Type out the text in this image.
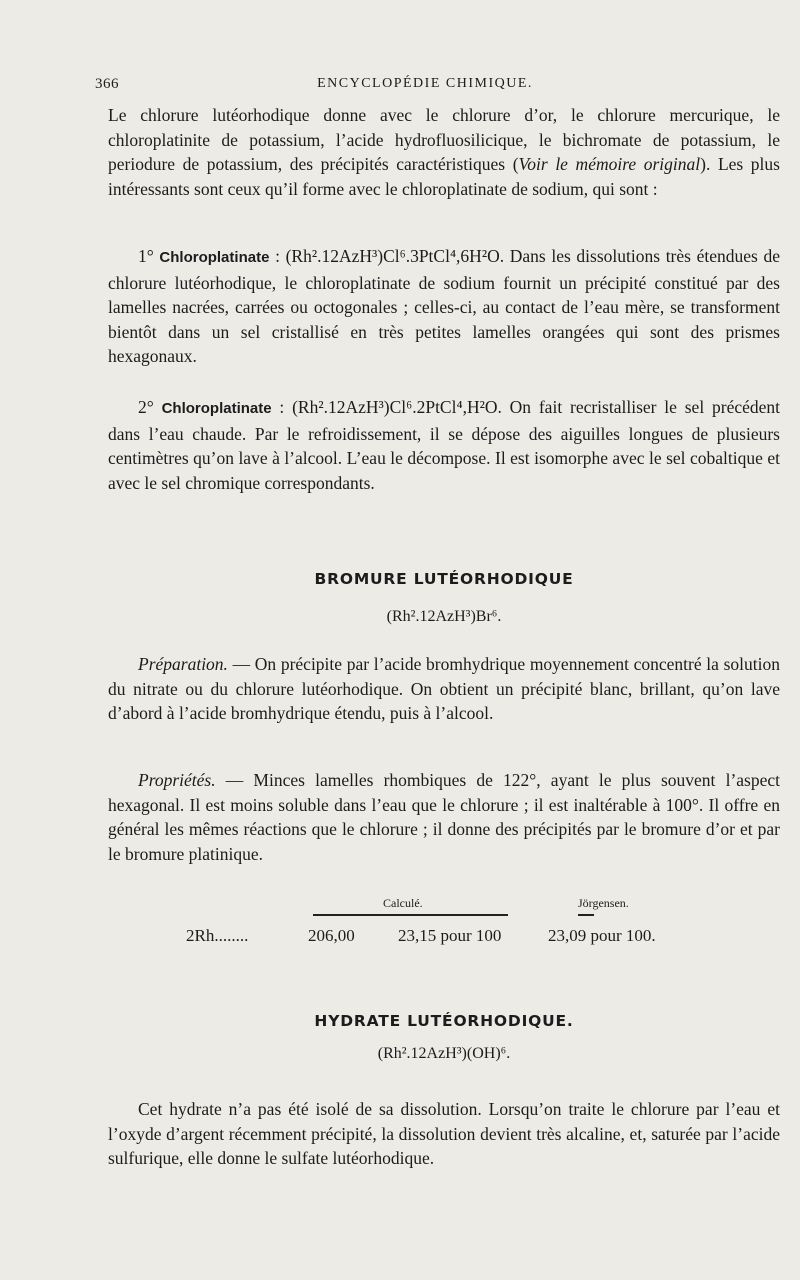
366	ENCYCLOPÉDIE CHIMIQUE.
Le chlorure lutéorhodique donne avec le chlorure d’or, le chlorure mercurique, le chloroplatinite de potassium, l’acide hydrofluosilicique, le bichromate de potassium, le periodure de potassium, des précipités caractéristiques (Voir le mémoire original). Les plus intéressants sont ceux qu’il forme avec le chloroplatinate de sodium, qui sont :
1° Chloroplatinate : (Rh².12AzH³)Cl⁶.3PtCl⁴,6H²O. Dans les dissolutions très étendues de chlorure lutéorhodique, le chloroplatinate de sodium fournit un précipité constitué par des lamelles nacrées, carrées ou octogonales ; celles-ci, au contact de l’eau mère, se transforment bientôt dans un sel cristallisé en très petites lamelles orangées qui sont des prismes hexagonaux.
2° Chloroplatinate : (Rh².12AzH³)Cl⁶.2PtCl⁴,H²O. On fait recristalliser le sel précédent dans l’eau chaude. Par le refroidissement, il se dépose des aiguilles longues de plusieurs centimètres qu’on lave à l’alcool. L’eau le décompose. Il est isomorphe avec le sel cobaltique et avec le sel chromique correspondants.
BROMURE LUTÉORHODIQUE
(Rh².12AzH³)Br⁶.
Préparation. — On précipite par l’acide bromhydrique moyennement concentré la solution du nitrate ou du chlorure lutéorhodique. On obtient un précipité blanc, brillant, qu’on lave d’abord à l’acide bromhydrique étendu, puis à l’alcool.
Propriétés. — Minces lamelles rhombiques de 122°, ayant le plus souvent l’aspect hexagonal. Il est moins soluble dans l’eau que le chlorure ; il est inaltérable à 100°. Il offre en général les mêmes réactions que le chlorure ; il donne des précipités par le bromure d’or et par le bromure platinique.
Calculé.	Jörgensen.
2Rh........	206,00	23,15 pour 100	23,09 pour 100.
HYDRATE LUTÉORHODIQUE.
(Rh².12AzH³)(OH)⁶.
Cet hydrate n’a pas été isolé de sa dissolution. Lorsqu’on traite le chlorure par l’eau et l’oxyde d’argent récemment précipité, la dissolution devient très alcaline, et, saturée par l’acide sulfurique, elle donne le sulfate lutéorhodique.
